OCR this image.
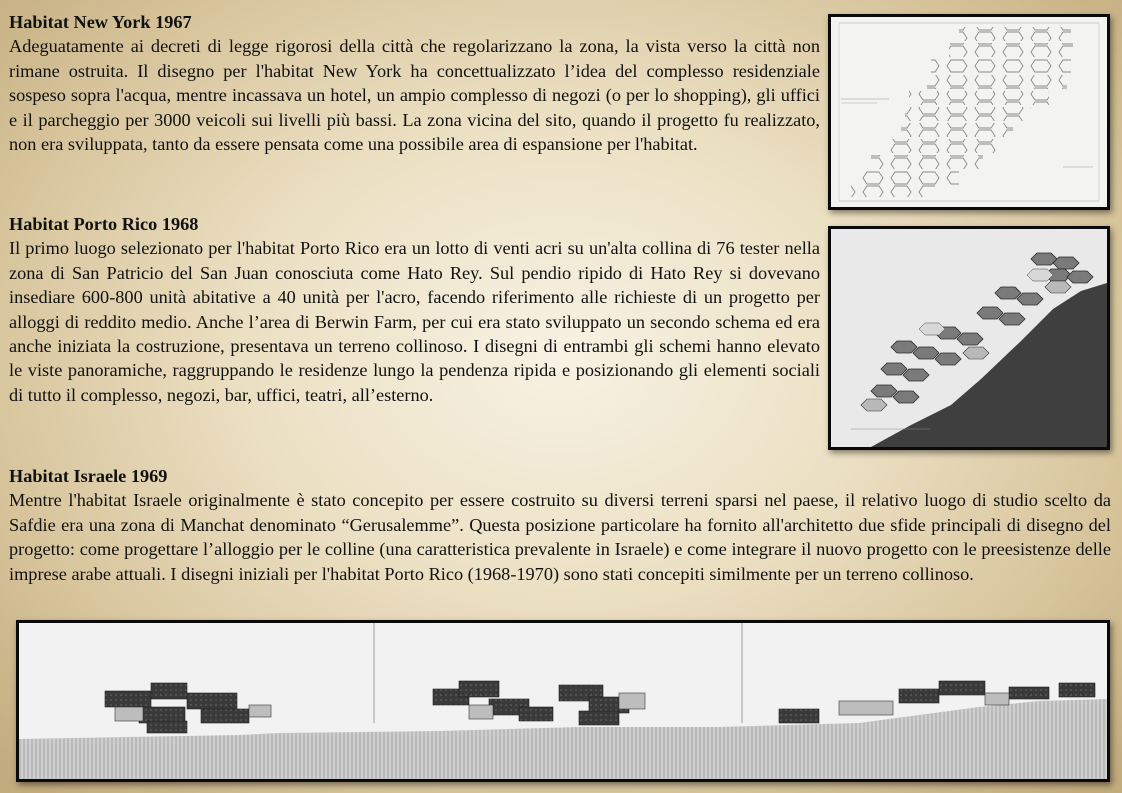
Habitat New York 1967

Adeguatamente ai decreti di legge rigorosi della città che regolarizzano la zona, la vista verso la città non rimane ostruita. Il disegno per l'habitat New York ha concettualizzato l’idea del complesso residenziale sospeso sopra l'acqua, mentre incassava un hotel, un ampio complesso di negozi (o per lo shopping), gli uffici e il parcheggio per 3000 veicoli sui livelli più bassi. La zona vicina del sito, quando il progetto fu realizzato, non era sviluppata, tanto da essere pensata come una possibile area di espansione per l'habitat.

Habitat Porto Rico 1968

Il primo luogo selezionato per l'habitat Porto Rico era un lotto di venti acri su un'alta collina di 76 tester nella zona di San Patricio del San Juan conosciuta come Hato Rey. Sul pendio ripido di Hato Rey si dovevano insediare 600-800 unità abitative a 40 unità per l'acro, facendo riferimento alle richieste di un progetto per alloggi di reddito medio. Anche l’area di Berwin Farm, per cui era stato sviluppato un secondo schema ed era anche iniziata la costruzione, presentava un terreno collinoso. I disegni di entrambi gli schemi hanno elevato le viste panoramiche, raggruppando le residenze lungo la pendenza ripida e posizionando gli elementi sociali di tutto il complesso, negozi, bar, uffici, teatri, all’esterno.

Habitat Israele 1969

Mentre l'habitat Israele originalmente è stato concepito per essere costruito su diversi terreni sparsi nel paese, il relativo luogo di studio scelto da Safdie era una zona di Manchat denominato “Gerusalemme”. Questa posizione particolare ha fornito all'architetto due sfide principali di disegno del progetto: come progettare l’alloggio per le colline (una caratteristica prevalente in Israele) e come integrare il nuovo progetto con le preesistenze delle imprese arabe attuali. I disegni iniziali per l'habitat Porto Rico (1968-1970) sono stati concepiti similmente per un terreno collinoso.
